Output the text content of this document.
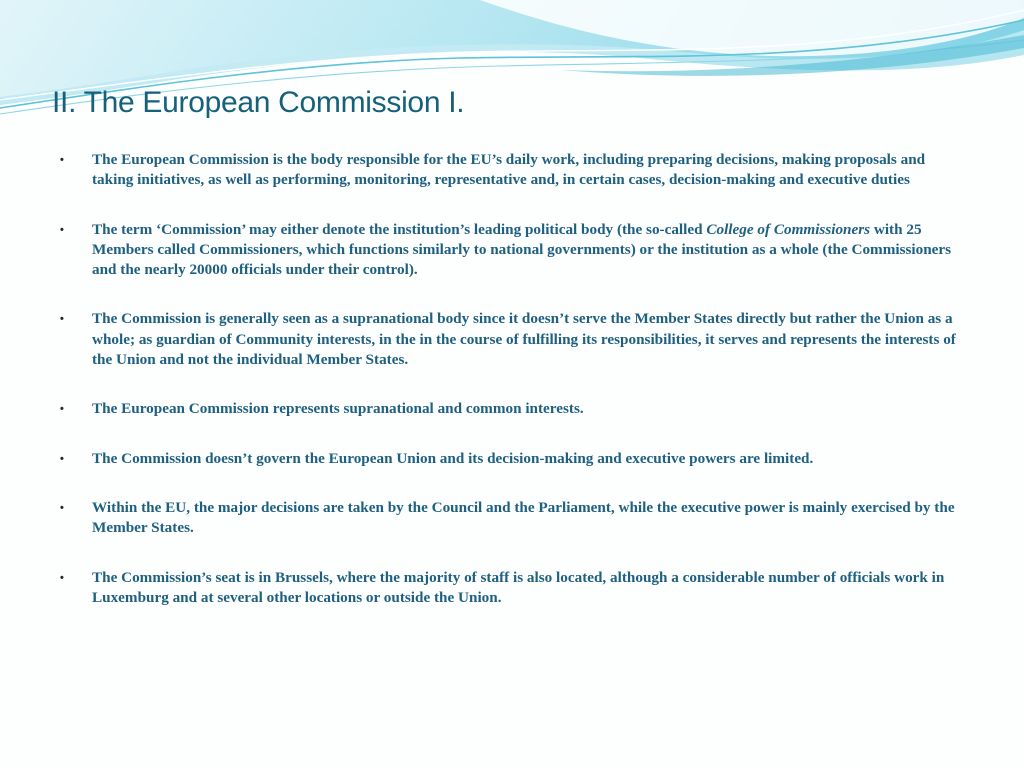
II. The European Commission I.
• The European Commission is the body responsible for the EU’s daily work, including preparing decisions, making proposals and taking initiatives, as well as performing, monitoring, representative and, in certain cases, decision-making and executive duties
• The term ‘Commission’ may either denote the institution’s leading political body (the so-called College of Commissioners with 25 Members called Commissioners, which functions similarly to national governments) or the institution as a whole (the Commissioners and the nearly 20000 officials under their control).
• The Commission is generally seen as a supranational body since it doesn’t serve the Member States directly but rather the Union as a whole; as guardian of Community interests, in the in the course of fulfilling its responsibilities, it serves and represents the interests of the Union and not the individual Member States.
• The European Commission represents supranational and common interests.
• The Commission doesn’t govern the European Union and its decision-making and executive powers are limited.
• Within the EU, the major decisions are taken by the Council and the Parliament, while the executive power is mainly exercised by the Member States.
• The Commission’s seat is in Brussels, where the majority of staff is also located, although a considerable number of officials work in Luxemburg and at several other locations or outside the Union.
